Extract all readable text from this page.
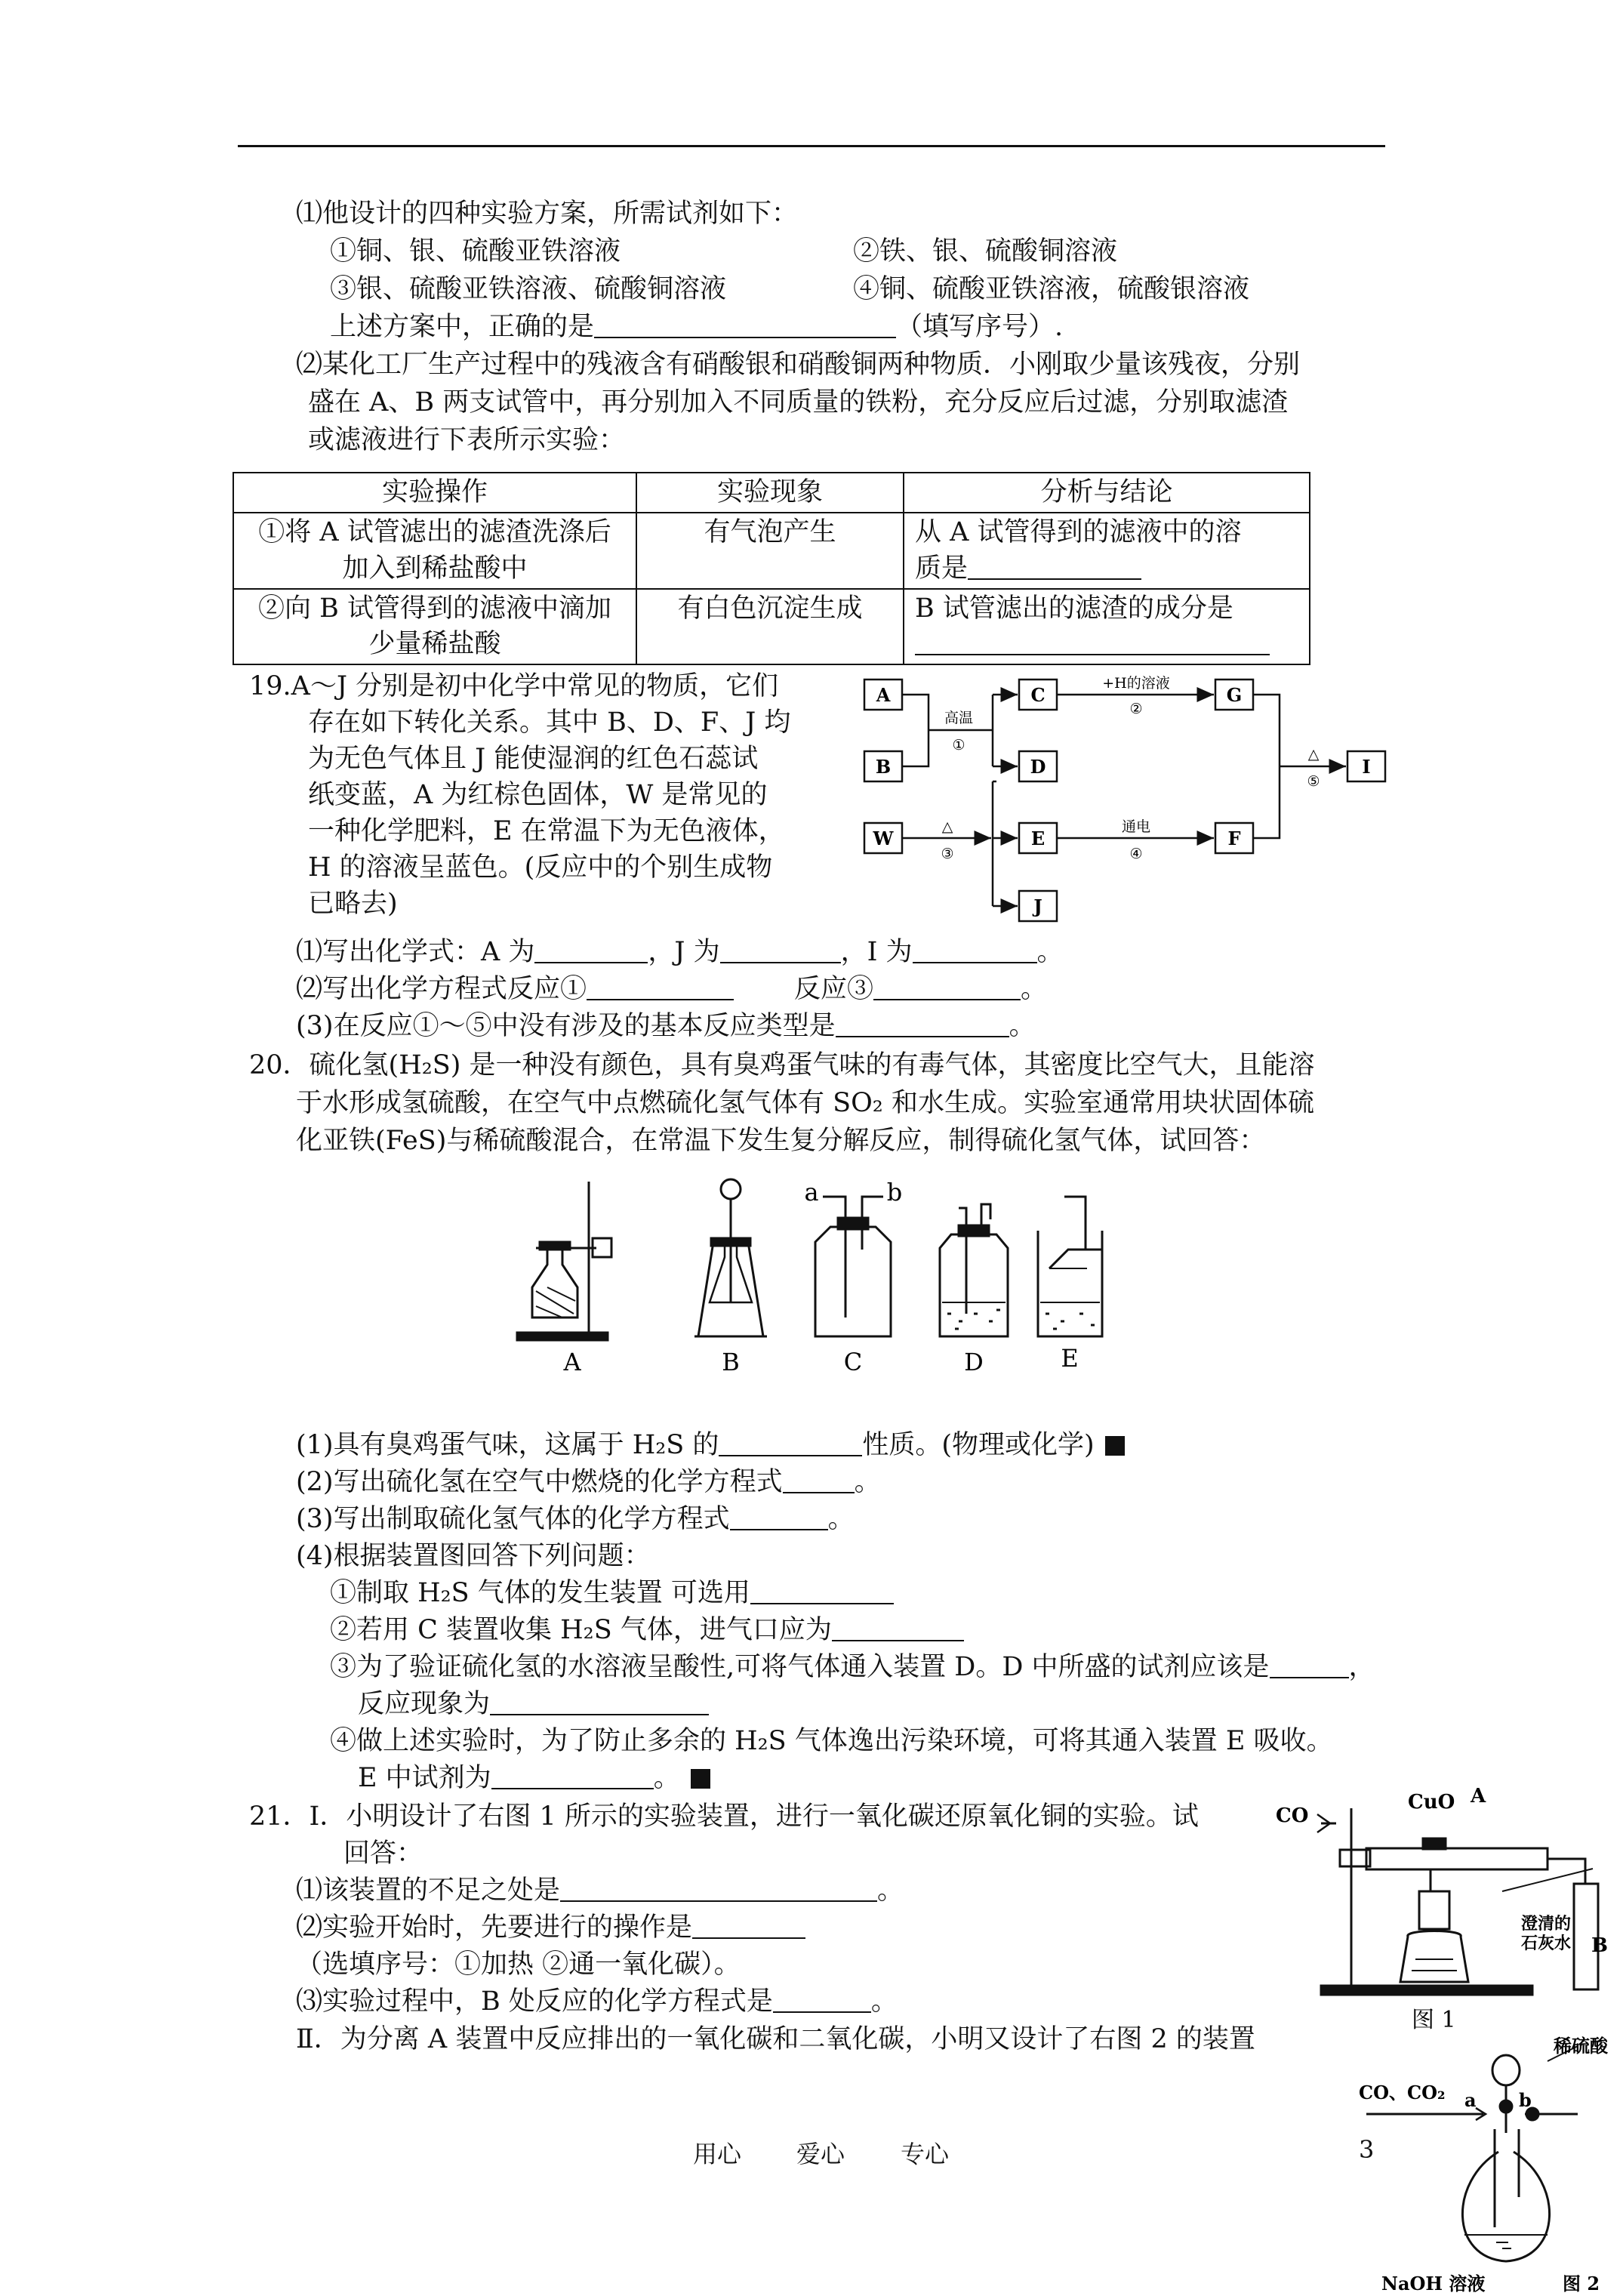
⑴他设计的四种实验方案，所需试剂如下：
①铜、银、硫酸亚铁溶液	②铁、银、硫酸铜溶液
③银、硫酸亚铁溶液、硫酸铜溶液	④铜、硫酸亚铁溶液，硫酸银溶液
上述方案中，正确的是	（填写序号）.
⑵某化工厂生产过程中的残液含有硝酸银和硝酸铜两种物质．小刚取少量该残夜，分别
盛在 A、B 两支试管中，再分别加入不同质量的铁粉，充分反应后过滤，分别取滤渣
或滤液进行下表所示实验：
实验操作	实验现象	分析与结论
①将 A 试管滤出的滤渣洗涤后
加入到稀盐酸中	有气泡产生	从 A 试管得到的滤液中的溶
质是
②向 B 试管得到的滤液中滴加
少量稀盐酸	有白色沉淀生成	B 试管滤出的滤渣的成分是

19.A～J 分别是初中化学中常见的物质，它们
存在如下转化关系。其中 B、D、F、J 均
为无色气体且 J 能使湿润的红色石蕊试
纸变蓝，A 为红棕色固体，W 是常见的
一种化学肥料，E 在常温下为无色液体，
H 的溶液呈蓝色。(反应中的个别生成物
已略去)
A
B
C
D
W	E
J
G
F
I
高温
①
+H的溶液
②
△
③
通电
④
△
⑤
⑴写出化学式：A 为	，J 为	，I 为	。
⑵写出化学方程式反应①	反应③	。
(3)在反应①～⑤中没有涉及的基本反应类型是	。
20．硫化氢(H₂S) 是一种没有颜色，具有臭鸡蛋气味的有毒气体，其密度比空气大，且能溶
于水形成氢硫酸，在空气中点燃硫化氢气体有 SO₂ 和水生成。实验室通常用块状固体硫
化亚铁(FeS)与稀硫酸混合，在常温下发生复分解反应，制得硫化氢气体，试回答：
A	B	C	D	E
a	b
(1)具有臭鸡蛋气味，这属于 H₂S 的	性质。(物理或化学)
(2)写出硫化氢在空气中燃烧的化学方程式	。
(3)写出制取硫化氢气体的化学方程式	。
(4)根据装置图回答下列问题：
①制取 H₂S 气体的发生装置 可选用
②若用 C 装置收集 H₂S 气体，进气口应为
③为了验证硫化氢的水溶液呈酸性,可将气体通入装置 D。D 中所盛的试剂应该是	，
反应现象为
④做上述实验时，为了防止多余的 H₂S 气体逸出污染环境，可将其通入装置 E 吸收。
E 中试剂为	。
21．Ⅰ．小明设计了右图 1 所示的实验装置，进行一氧化碳还原氧化铜的实验。试
回答：
⑴该装置的不足之处是	。
⑵实验开始时，先要进行的操作是
（选填序号：①加热 ②通一氧化碳）。
⑶实验过程中，B 处反应的化学方程式是	。
Ⅱ．为分离 A 装置中反应排出的一氧化碳和二氧化碳，小明又设计了右图 2 的装置
CO
CuO A
B
澄清的
石灰水
图 1
稀硫酸
CO、CO₂ a b
NaOH 溶液	图 2
用心 爱心 专心	3
